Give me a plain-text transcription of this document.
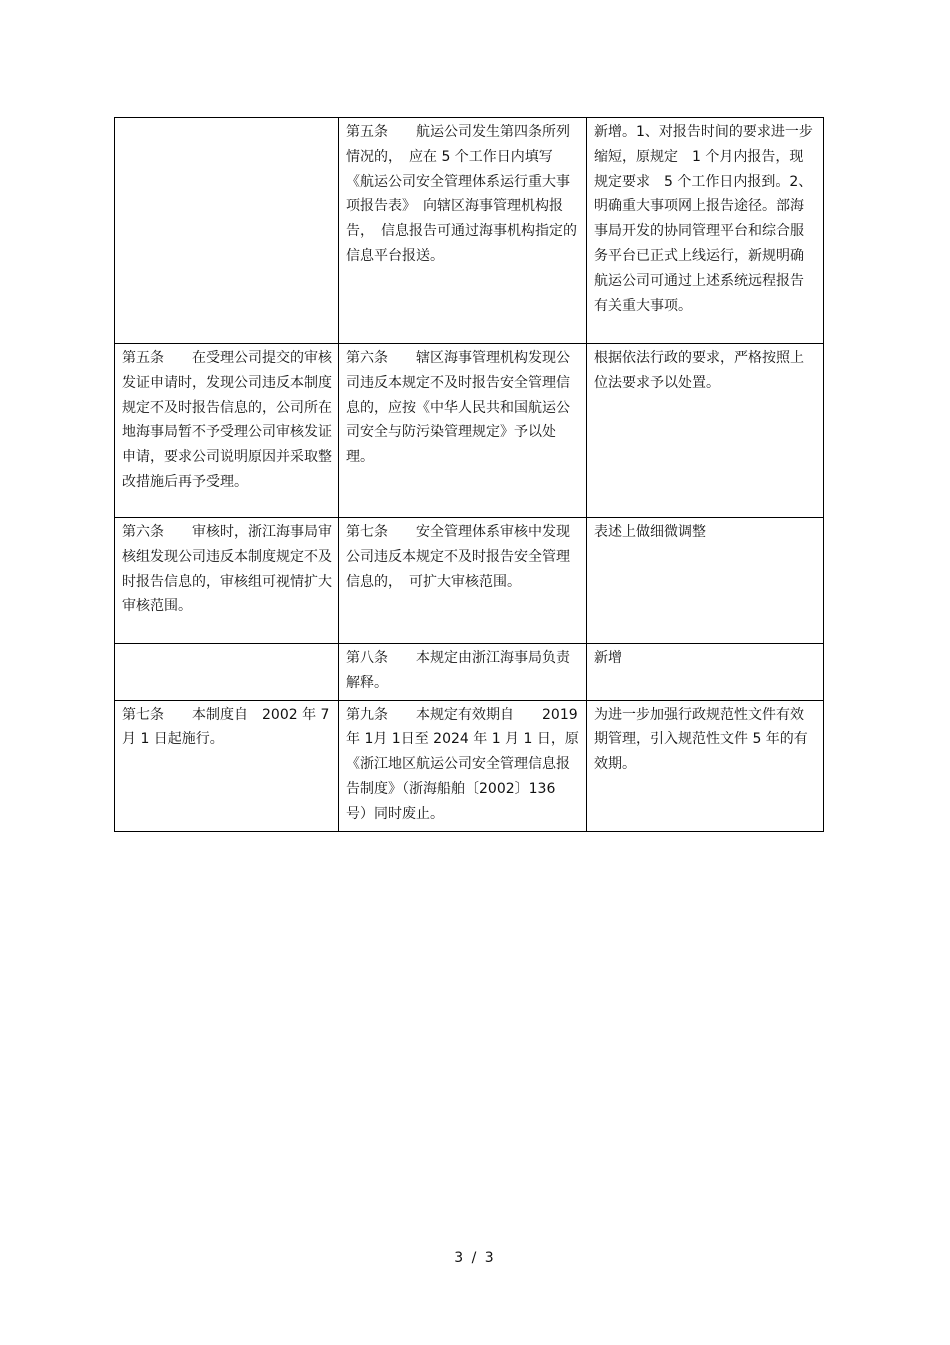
	第五条　　航运公司发生第四条所列情况的，　应在 5 个工作日内填写《航运公司安全管理体系运行重大事项报告表》　向辖区海事管理机构报告，　信息报告可通过海事机构指定的信息平台报送。	新增。1、对报告时间的要求进一步缩短，原规定　1 个月内报告，现规定要求　5 个工作日内报到。2、明确重大事项网上报告途径。部海事局开发的协同管理平台和综合服务平台已正式上线运行，新规明确航运公司可通过上述系统远程报告有关重大事项。

第五条　　在受理公司提交的审核发证申请时，发现公司违反本制度规定不及时报告信息的，公司所在地海事局暂不予受理公司审核发证申请，要求公司说明原因并采取整改措施后再予受理。	第六条　　辖区海事管理机构发现公司违反本规定不及时报告安全管理信息的，应按《中华人民共和国航运公司安全与防污染管理规定》予以处理。	根据依法行政的要求，严格按照上位法要求予以处置。

第六条　　审核时，浙江海事局审核组发现公司违反本制度规定不及时报告信息的，审核组可视情扩大审核范围。	第七条　　安全管理体系审核中发现公司违反本规定不及时报告安全管理信息的，　可扩大审核范围。	表述上做细微调整

	第八条　　本规定由浙江海事局负责解释。	新增

第七条　　本制度自　2002 年 7 月 1 日起施行。	第九条　　本规定有效期自　　2019 年 1月 1日至 2024 年 1 月 1 日，原《浙江地区航运公司安全管理信息报告制度》（浙海船舶〔2002〕136 号）同时废止。	为进一步加强行政规范性文件有效期管理，引入规范性文件 5 年的有效期。
3 / 3
